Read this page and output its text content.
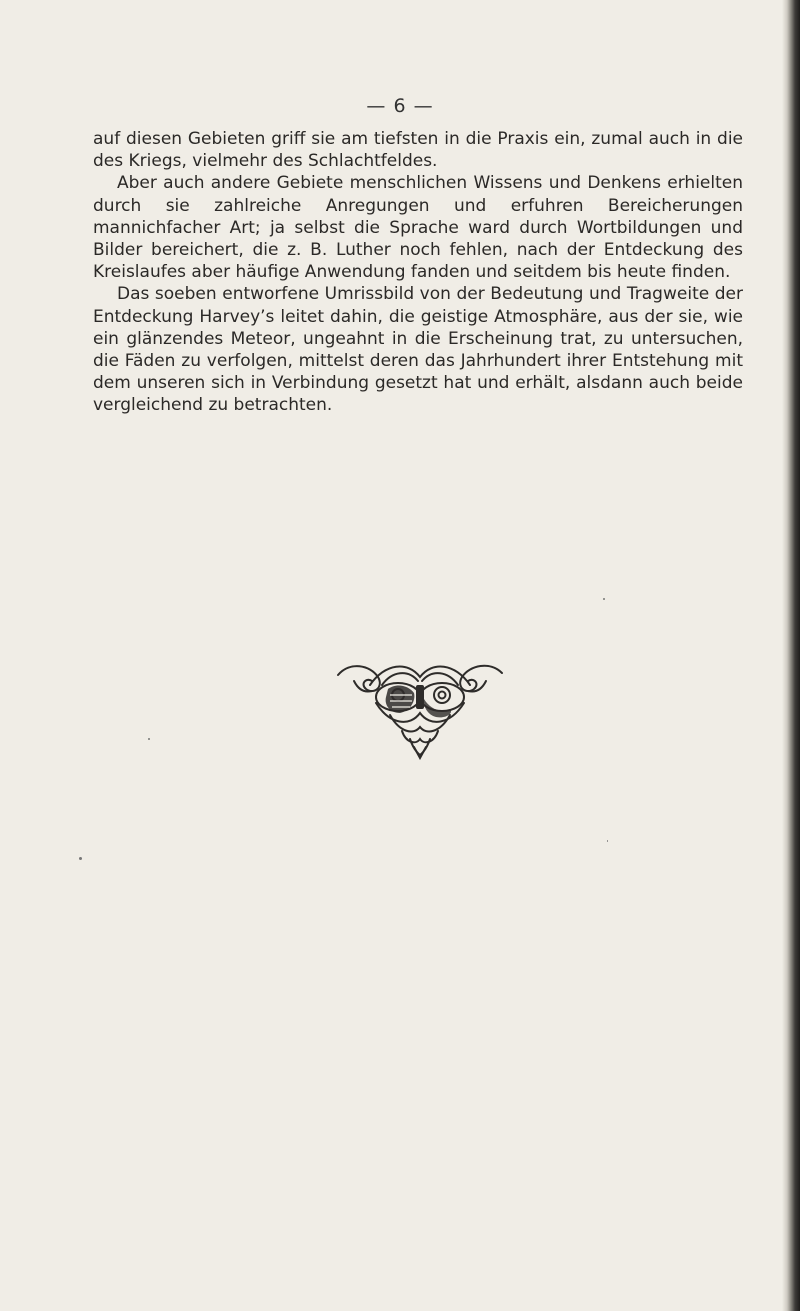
— 6 —

auf diesen Gebieten griff sie am tiefsten in die Praxis ein, zumal auch in die des Kriegs, vielmehr des Schlachtfeldes.

Aber auch andere Gebiete menschlichen Wissens und Denkens erhielten durch sie zahlreiche Anregungen und erfuhren Bereicherungen mannichfacher Art; ja selbst die Sprache ward durch Wortbildungen und Bilder bereichert, die z. B. Luther noch fehlen, nach der Entdeckung des Kreislaufes aber häufige Anwendung fanden und seitdem bis heute finden.

Das soeben entworfene Umrissbild von der Bedeutung und Tragweite der Entdeckung Harvey’s leitet dahin, die geistige Atmosphäre, aus der sie, wie ein glänzendes Meteor, ungeahnt in die Erscheinung trat, zu untersuchen, die Fäden zu verfolgen, mittelst deren das Jahrhundert ihrer Entstehung mit dem unseren sich in Verbindung gesetzt hat und erhält, alsdann auch beide vergleichend zu betrachten.
